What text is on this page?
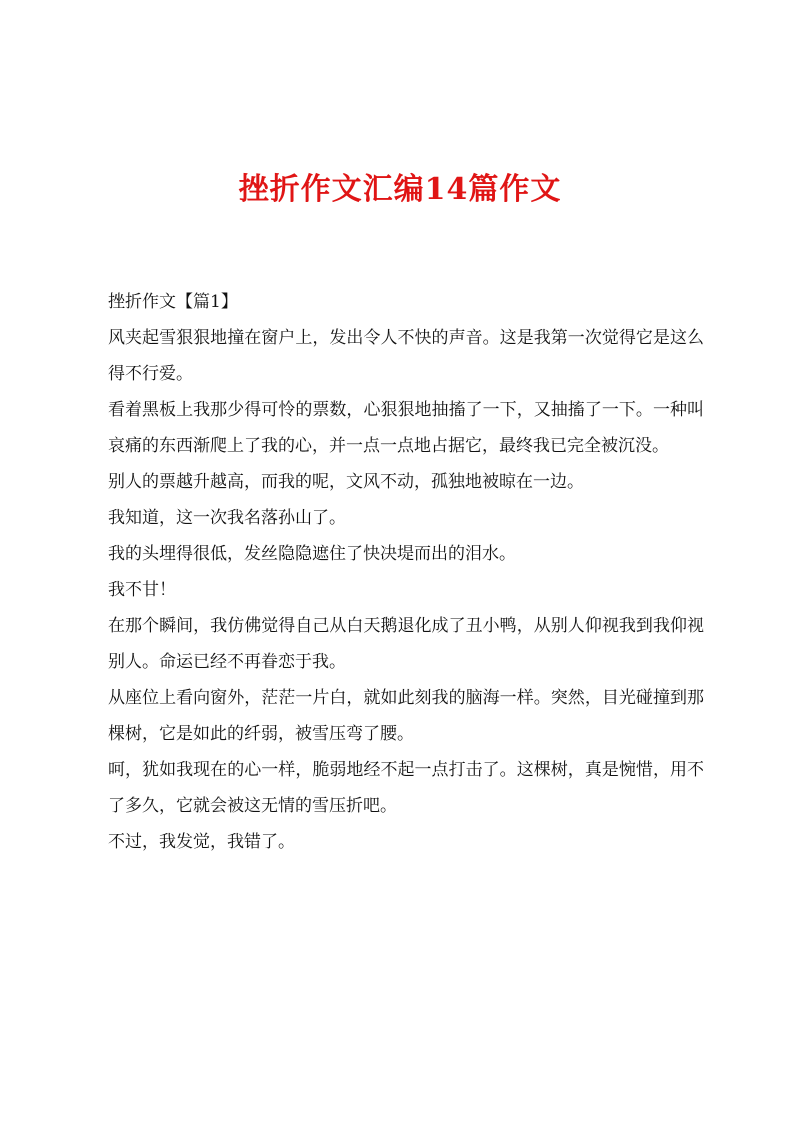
挫折作文汇编14篇作文

挫折作文【篇1】

风夹起雪狠狠地撞在窗户上，发出令人不快的声音。这是我第一次觉得它是这么得不行爱。

看着黑板上我那少得可怜的票数，心狠狠地抽搐了一下，又抽搐了一下。一种叫哀痛的东西渐爬上了我的心，并一点一点地占据它，最终我已完全被沉没。

别人的票越升越高，而我的呢，文风不动，孤独地被晾在一边。

我知道，这一次我名落孙山了。

我的头埋得很低，发丝隐隐遮住了快决堤而出的泪水。

我不甘！

在那个瞬间，我仿佛觉得自己从白天鹅退化成了丑小鸭，从别人仰视我到我仰视别人。命运已经不再眷恋于我。

从座位上看向窗外，茫茫一片白，就如此刻我的脑海一样。突然，目光碰撞到那棵树，它是如此的纤弱，被雪压弯了腰。

呵，犹如我现在的心一样，脆弱地经不起一点打击了。这棵树，真是惋惜，用不了多久，它就会被这无情的雪压折吧。

不过，我发觉，我错了。
